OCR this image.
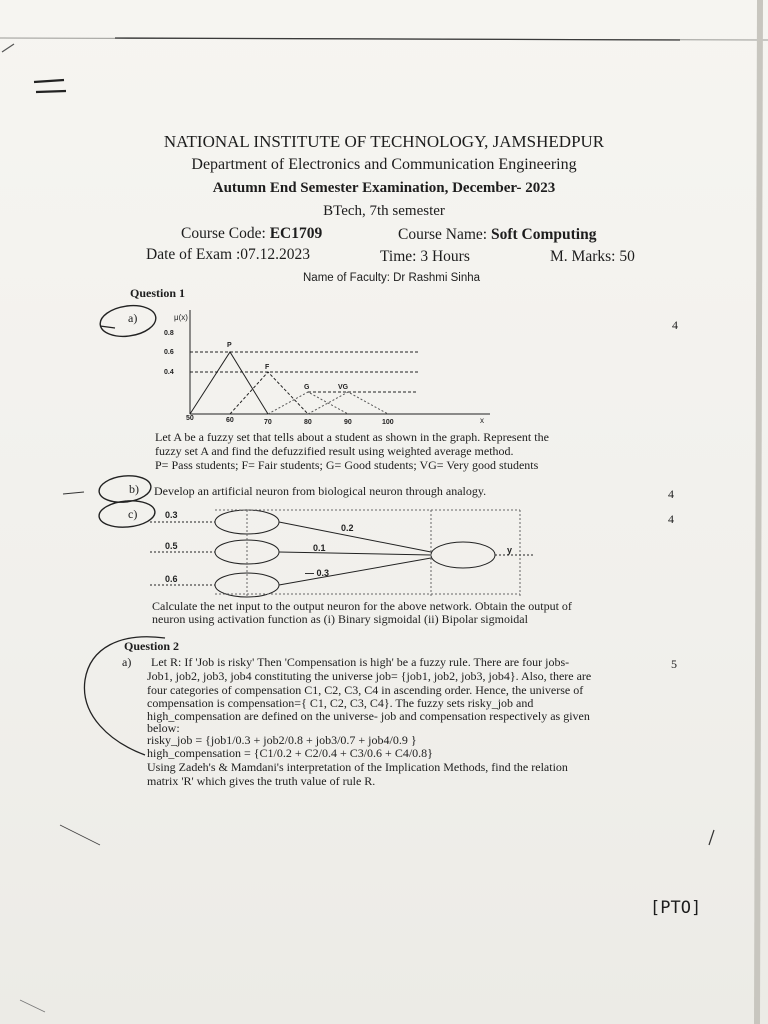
NATIONAL INSTITUTE OF TECHNOLOGY, JAMSHEDPUR
Department of Electronics and Communication Engineering
Autumn End Semester Examination, December- 2023
BTech, 7th semester
Course Code: EC1709	Course Name: Soft Computing
Date of Exam :07.12.2023	Time: 3 Hours	M. Marks: 50
Name of Faculty: Dr Rashmi Sinha
Question 1
a)	4
μ(x)
0.8
0.6
0.4
50	60	70	80	90	100	x
P
F
G	VG
Let A be a fuzzy set that tells about a student as shown in the graph. Represent the
fuzzy set A and find the defuzzified result using weighted average method.
P= Pass students; F= Fair students; G= Good students; VG= Very good students
b) Develop an artificial neuron from biological neuron through analogy.	4
c)	4
0.3
0.5
0.6
0.2
0.1
— 0.3
y
Calculate the net input to the output neuron for the above network. Obtain the output of
neuron using activation function as (i) Binary sigmoidal (ii) Bipolar sigmoidal
Question 2
a)	5
Let R: If 'Job is risky' Then 'Compensation is high' be a fuzzy rule. There are four jobs-
Job1, job2, job3, job4 constituting the universe job= {job1, job2, job3, job4}. Also, there are
four categories of compensation C1, C2, C3, C4 in ascending order. Hence, the universe of
compensation is compensation={ C1, C2, C3, C4}. The fuzzy sets risky_job and
high_compensation are defined on the universe- job and compensation respectively as given
below:
risky_job = {job1/0.3 + job2/0.8 + job3/0.7 + job4/0.9 }
high_compensation = {C1/0.2 + C2/0.4 + C3/0.6 + C4/0.8}
Using Zadeh's & Mamdani's interpretation of the Implication Methods, find the relation
matrix 'R' which gives the truth value of rule R.
[PTO]
